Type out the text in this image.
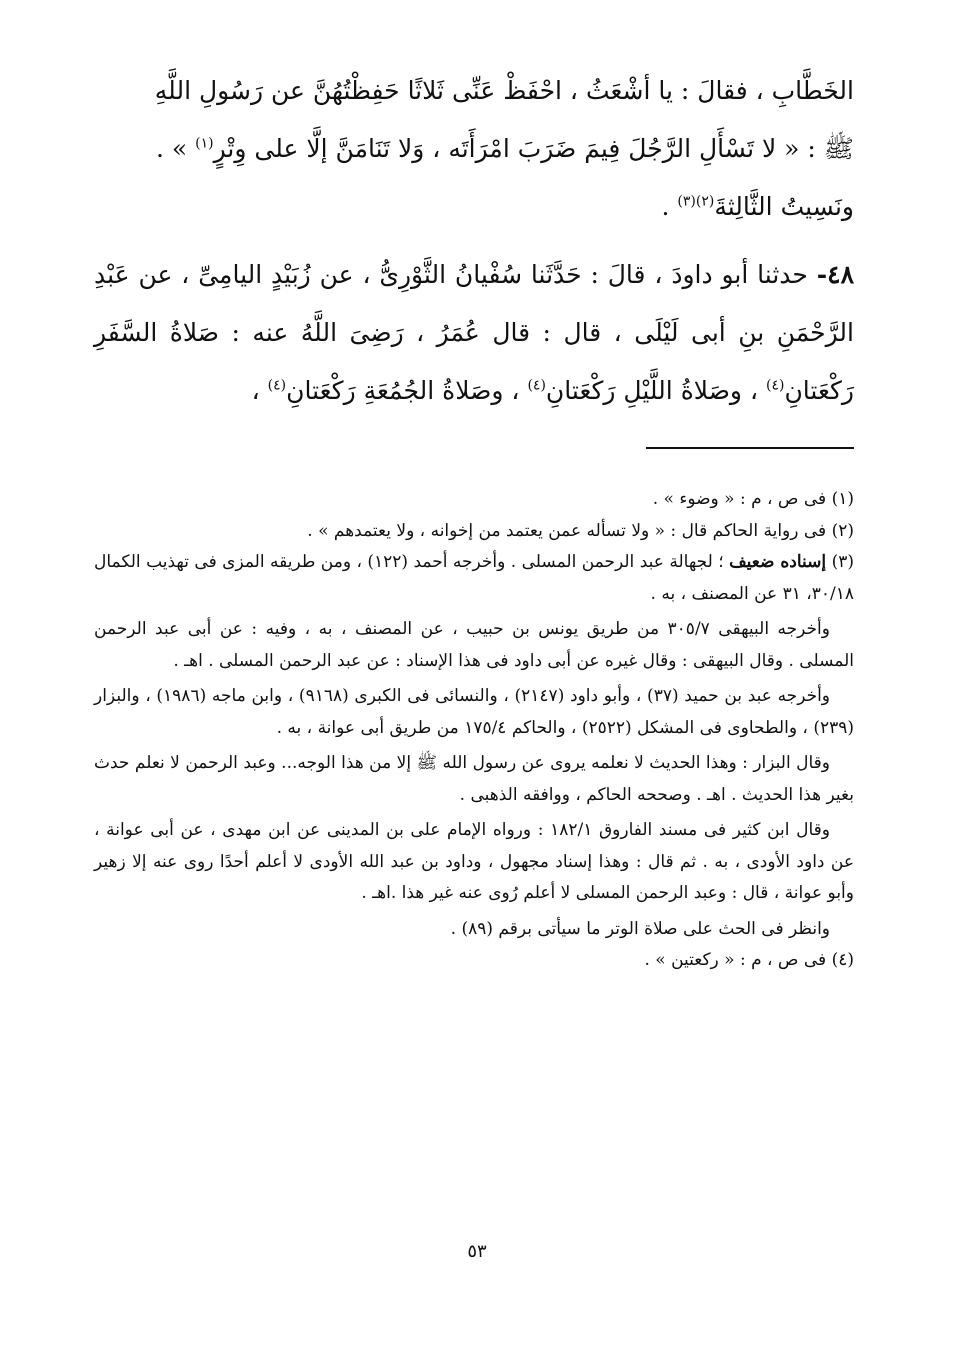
الخَطَّابِ ، فقالَ : يا أشْعَثُ ، احْفَظْ عَنِّى ثَلاثًا حَفِظْتُهُنَّ عن رَسُولِ اللَّهِ

ﷺ : « لا تَسْأَلِ الرَّجُلَ فِيمَ ضَرَبَ امْرَأَتَه ، وَلا تَنَامَنَّ إلَّا على وِتْرٍ$^{(١)}$ » .

ونَسِيتُ الثَّالِثةَ$^{(٢)(٣)}$ .

٤٨- حدثنا أبو داودَ ، قالَ : حَدَّثَنا سُفْيانُ الثَّوْرِىُّ ، عن زُبَيْدٍ اليامِىِّ ، عن عَبْدِ الرَّحْمَنِ بنِ أبى لَيْلَى ، قال : قال عُمَرُ ، رَضِىَ اللَّهُ عنه : صَلاةُ السَّفَرِ رَكْعَتانِ$^{(٤)}$ ، وصَلاةُ اللَّيْلِ رَكْعَتانِ$^{(٤)}$ ، وصَلاةُ الجُمُعَةِ رَكْعَتانِ$^{(٤)}$ ،

(١) فى ص ، م : « وضوء » .

(٢) فى رواية الحاكم قال : « ولا تسأله عمن يعتمد من إخوانه ، ولا يعتمدهم » .

(٣) إسناده ضعيف ؛ لجهالة عبد الرحمن المسلى . وأخرجه أحمد (١٢٢) ، ومن طريقه المزى فى تهذيب الكمال ٣٠/١٨، ٣١ عن المصنف ، به .

وأخرجه البيهقى ٣٠٥/٧ من طريق يونس بن حبيب ، عن المصنف ، به ، وفيه : عن أبى عبد الرحمن المسلى . وقال البيهقى : وقال غيره عن أبى داود فى هذا الإسناد : عن عبد الرحمن المسلى . اهـ .

وأخرجه عبد بن حميد (٣٧) ، وأبو داود (٢١٤٧) ، والنسائى فى الكبرى (٩١٦٨) ، وابن ماجه (١٩٨٦) ، والبزار (٢٣٩) ، والطحاوى فى المشكل (٢٥٢٢) ، والحاكم ١٧٥/٤ من طريق أبى عوانة ، به .

وقال البزار : وهذا الحديث لا نعلمه يروى عن رسول الله ﷺ إلا من هذا الوجه... وعبد الرحمن لا نعلم حدث بغير هذا الحديث . اهـ . وصححه الحاكم ، ووافقه الذهبى .

وقال ابن كثير فى مسند الفاروق ١٨٢/١ : ورواه الإمام على بن المدينى عن ابن مهدى ، عن أبى عوانة ، عن داود الأودى ، به . ثم قال : وهذا إسناد مجهول ، وداود بن عبد الله الأودى لا أعلم أحدًا روى عنه إلا زهير وأبو عوانة ، قال : وعبد الرحمن المسلى لا أعلم رُوى عنه غير هذا .اهـ .

وانظر فى الحث على صلاة الوتر ما سيأتى برقم (٨٩) .

(٤) فى ص ، م : « ركعتين » .

٥٣
